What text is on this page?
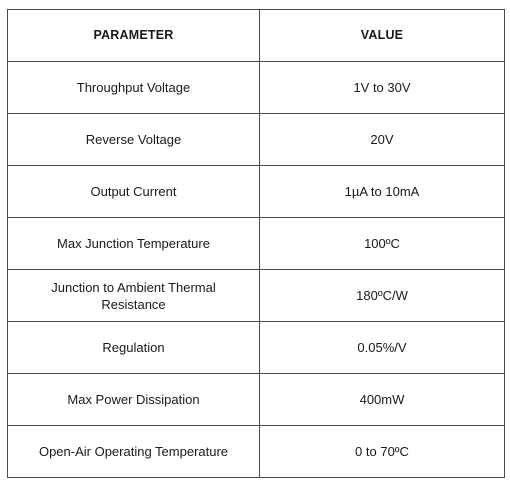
PARAMETER	VALUE
Throughput Voltage	1V to 30V
Reverse Voltage	20V
Output Current	1µA to 10mA
Max Junction Temperature	100ºC
Junction to Ambient Thermal Resistance	180ºC/W
Regulation	0.05%/V
Max Power Dissipation	400mW
Open-Air Operating Temperature	0 to 70ºC
